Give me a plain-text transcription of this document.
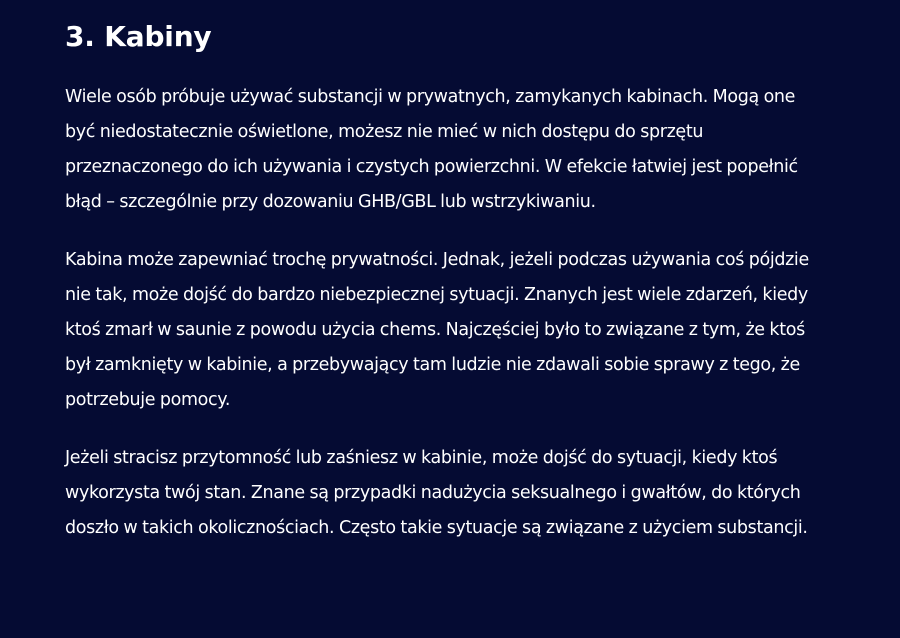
3. Kabiny

Wiele osób próbuje używać substancji w prywatnych, zamykanych kabinach. Mogą one być niedostatecznie oświetlone, możesz nie mieć w nich dostępu do sprzętu przeznaczonego do ich używania i czystych powierzchni. W efekcie łatwiej jest popełnić błąd – szczególnie przy dozowaniu GHB/GBL lub wstrzykiwaniu.

Kabina może zapewniać trochę prywatności. Jednak, jeżeli podczas używania coś pójdzie nie tak, może dojść do bardzo niebezpiecznej sytuacji. Znanych jest wiele zdarzeń, kiedy ktoś zmarł w saunie z powodu użycia chems. Najczęściej było to związane z tym, że ktoś był zamknięty w kabinie, a przebywający tam ludzie nie zdawali sobie sprawy z tego, że potrzebuje pomocy.

Jeżeli stracisz przytomność lub zaśniesz w kabinie, może dojść do sytuacji, kiedy ktoś wykorzysta twój stan. Znane są przypadki nadużycia seksualnego i gwałtów, do których doszło w takich okolicznościach. Często takie sytuacje są związane z użyciem substancji.
